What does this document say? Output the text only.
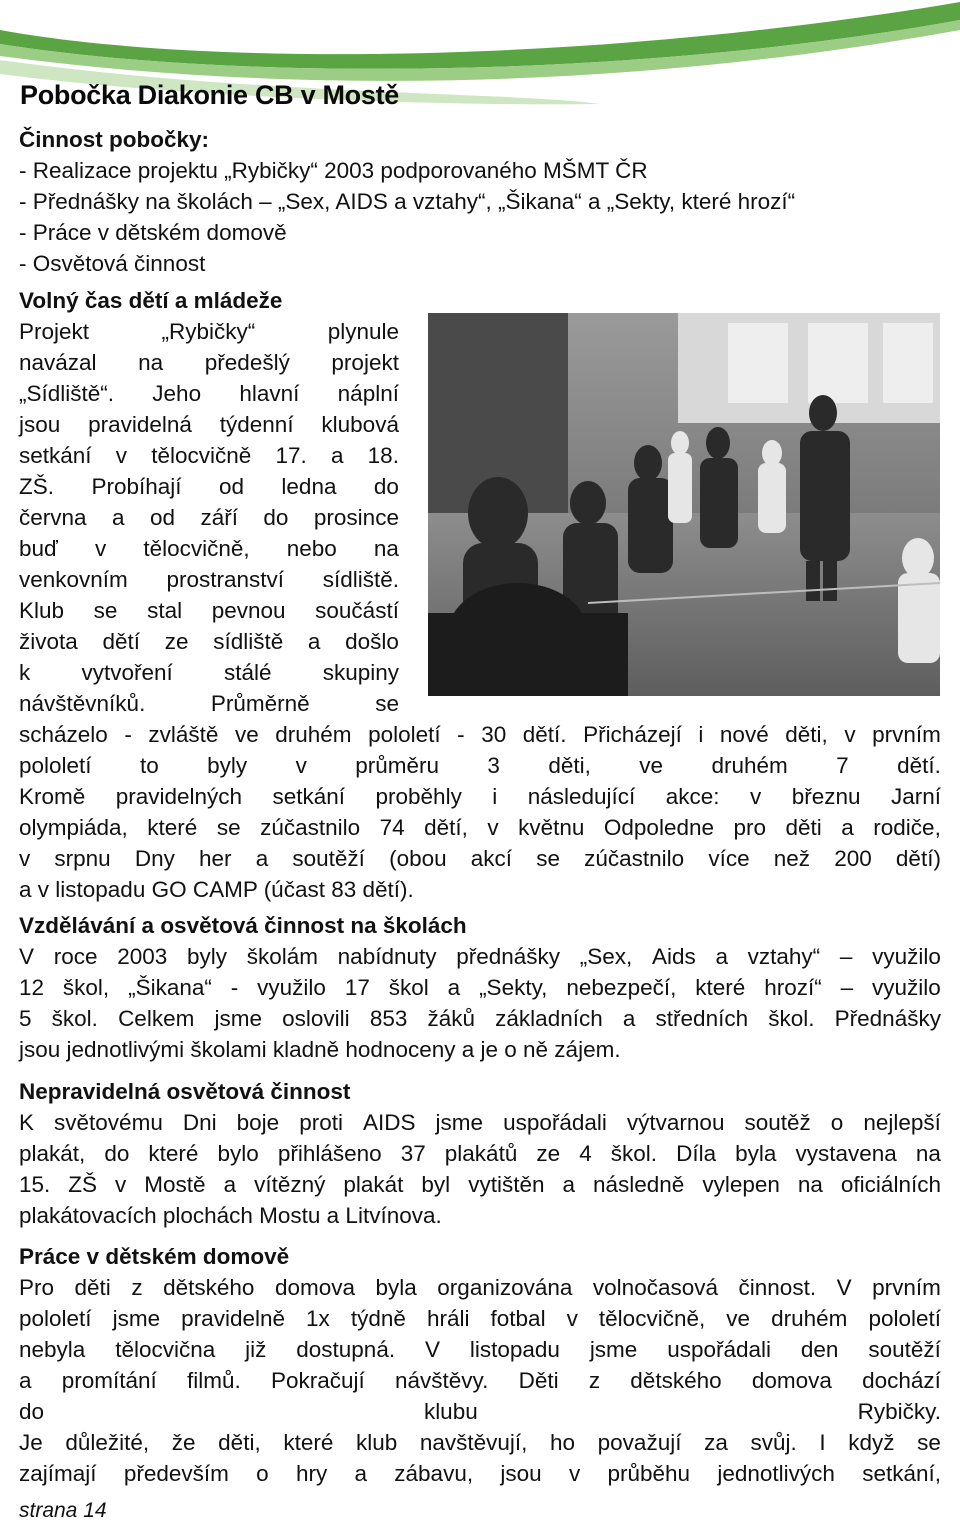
Pobočka Diakonie CB v Mostě
Činnost pobočky:
- Realizace projektu „Rybičky“ 2003 podporovaného MŠMT ČR
- Přednášky na školách – „Sex, AIDS a vztahy“, „Šikana“ a „Sekty, které hrozí“
- Práce v dětském domově
- Osvětová činnost
Volný čas dětí a mládeže
Projekt	„Rybičky“	plynule
navázal na předešlý projekt
„Sídliště“. Jeho hlavní náplní
jsou pravidelná týdenní klubová
setkání v tělocvičně 17. a 18.
ZŠ. Probíhají od ledna do
června a od září do prosince
buď v tělocvičně, nebo na
venkovním prostranství sídliště.
Klub se stal pevnou součástí
života dětí ze sídliště a došlo
k vytvoření stálé skupiny
návštěvníků.	Průměrně	se
scházelo - zvláště ve druhém pololetí - 30 dětí. Přicházejí i nové děti, v prvním
pololetí to byly v průměru 3 děti, ve druhém 7 dětí.
Kromě pravidelných setkání proběhly i následující akce: v březnu Jarní
olympiáda, které se zúčastnilo 74 dětí, v květnu Odpoledne pro děti a rodiče,
v srpnu Dny her a soutěží (obou akcí se zúčastnilo více než 200 dětí)
a v listopadu GO CAMP (účast 83 dětí).
Vzdělávání a osvětová činnost na školách
V roce 2003 byly školám nabídnuty přednášky „Sex, Aids a vztahy“ – využilo
12 škol, „Šikana“ - využilo 17 škol a „Sekty, nebezpečí, které hrozí“ – využilo
5 škol. Celkem jsme oslovili 853 žáků základních a středních škol. Přednášky
jsou jednotlivými školami kladně hodnoceny a je o ně zájem.
Nepravidelná osvětová činnost
K světovému Dni boje proti AIDS jsme uspořádali výtvarnou soutěž o nejlepší
plakát, do které bylo přihlášeno 37 plakátů ze 4 škol. Díla byla vystavena na
15. ZŠ v Mostě a vítězný plakát byl vytištěn a následně vylepen na oficiálních
plakátovacích plochách Mostu a Litvínova.
Práce v dětském domově
Pro děti z dětského domova byla organizována volnočasová činnost. V prvním
pololetí jsme pravidelně 1x týdně hráli fotbal v tělocvičně, ve druhém pololetí
nebyla tělocvična již dostupná. V listopadu jsme uspořádali den soutěží
a promítání filmů. Pokračují návštěvy. Děti z dětského domova dochází
do	klubu	Rybičky.
Je důležité, že děti, které klub navštěvují, ho považují za svůj. I když se
zajímají především o hry a zábavu, jsou v průběhu jednotlivých setkání,
strana 14
